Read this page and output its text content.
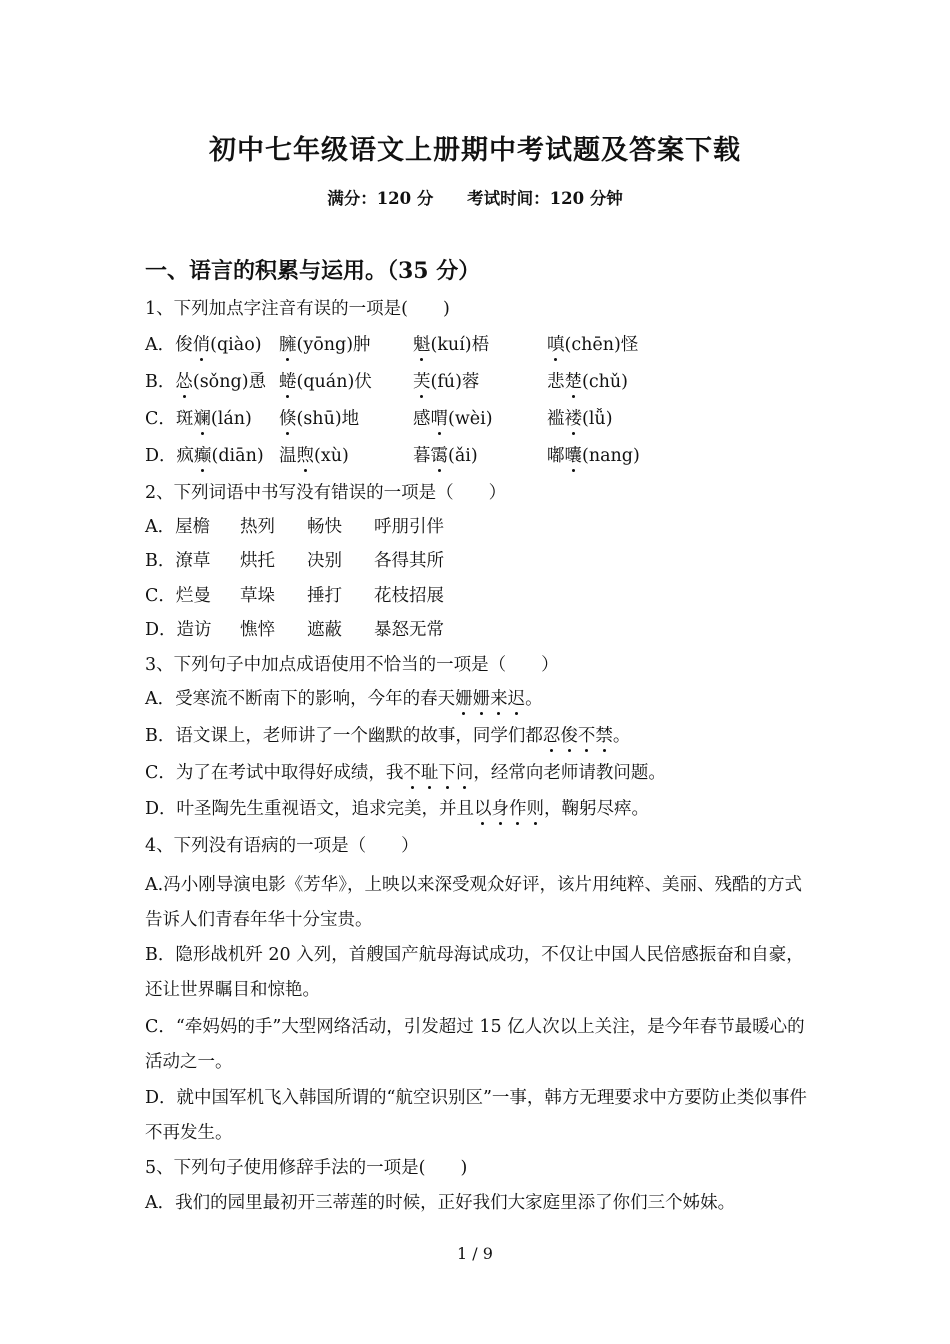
初中七年级语文上册期中考试题及答案下载
满分：120 分 考试时间：120 分钟
一、语言的积累与运用。（35 分）
1、下列加点字注音有误的一项是(　　)
A．俊俏(qiào) 臃(yōng)肿 魁(kuí)梧	嗔(chēn)怪
B．怂(sǒng)恿 蜷(quán)伏 芙(fú)蓉	悲楚(chǔ)
C．斑斓(lán) 倏(shū)地	感喟(wèi)	褴褛(lǚ)
D．疯癫(diān) 温煦(xù)	暮霭(ǎi)	嘟囔(nang)
2、下列词语中书写没有错误的一项是（　　）
A．屋檐 热列 畅快 呼朋引伴
B．潦草 烘托 决别 各得其所
C．烂曼 草垛 捶打 花枝招展
D．造访 憔悴 遮蔽 暴怒无常
3、下列句子中加点成语使用不恰当的一项是（　　）
A．受寒流不断南下的影响，今年的春天姗姗来迟。
B．语文课上，老师讲了一个幽默的故事，同学们都忍俊不禁。
C．为了在考试中取得好成绩，我不耻下问，经常向老师请教问题。
D．叶圣陶先生重视语文，追求完美，并且以身作则，鞠躬尽瘁。
4、下列没有语病的一项是（　　）
A.冯小刚导演电影《芳华》，上映以来深受观众好评，该片用纯粹、美丽、残酷的方式告诉人们青春年华十分宝贵。
B．隐形战机歼 20 入列，首艘国产航母海试成功，不仅让中国人民倍感振奋和自豪，还让世界瞩目和惊艳。
C．“牵妈妈的手”大型网络活动，引发超过 15 亿人次以上关注，是今年春节最暖心的活动之一。
D．就中国军机飞入韩国所谓的“航空识别区”一事，韩方无理要求中方要防止类似事件不再发生。
5、下列句子使用修辞手法的一项是(　　)
A．我们的园里最初开三蒂莲的时候，正好我们大家庭里添了你们三个姊妹。
1 / 9
